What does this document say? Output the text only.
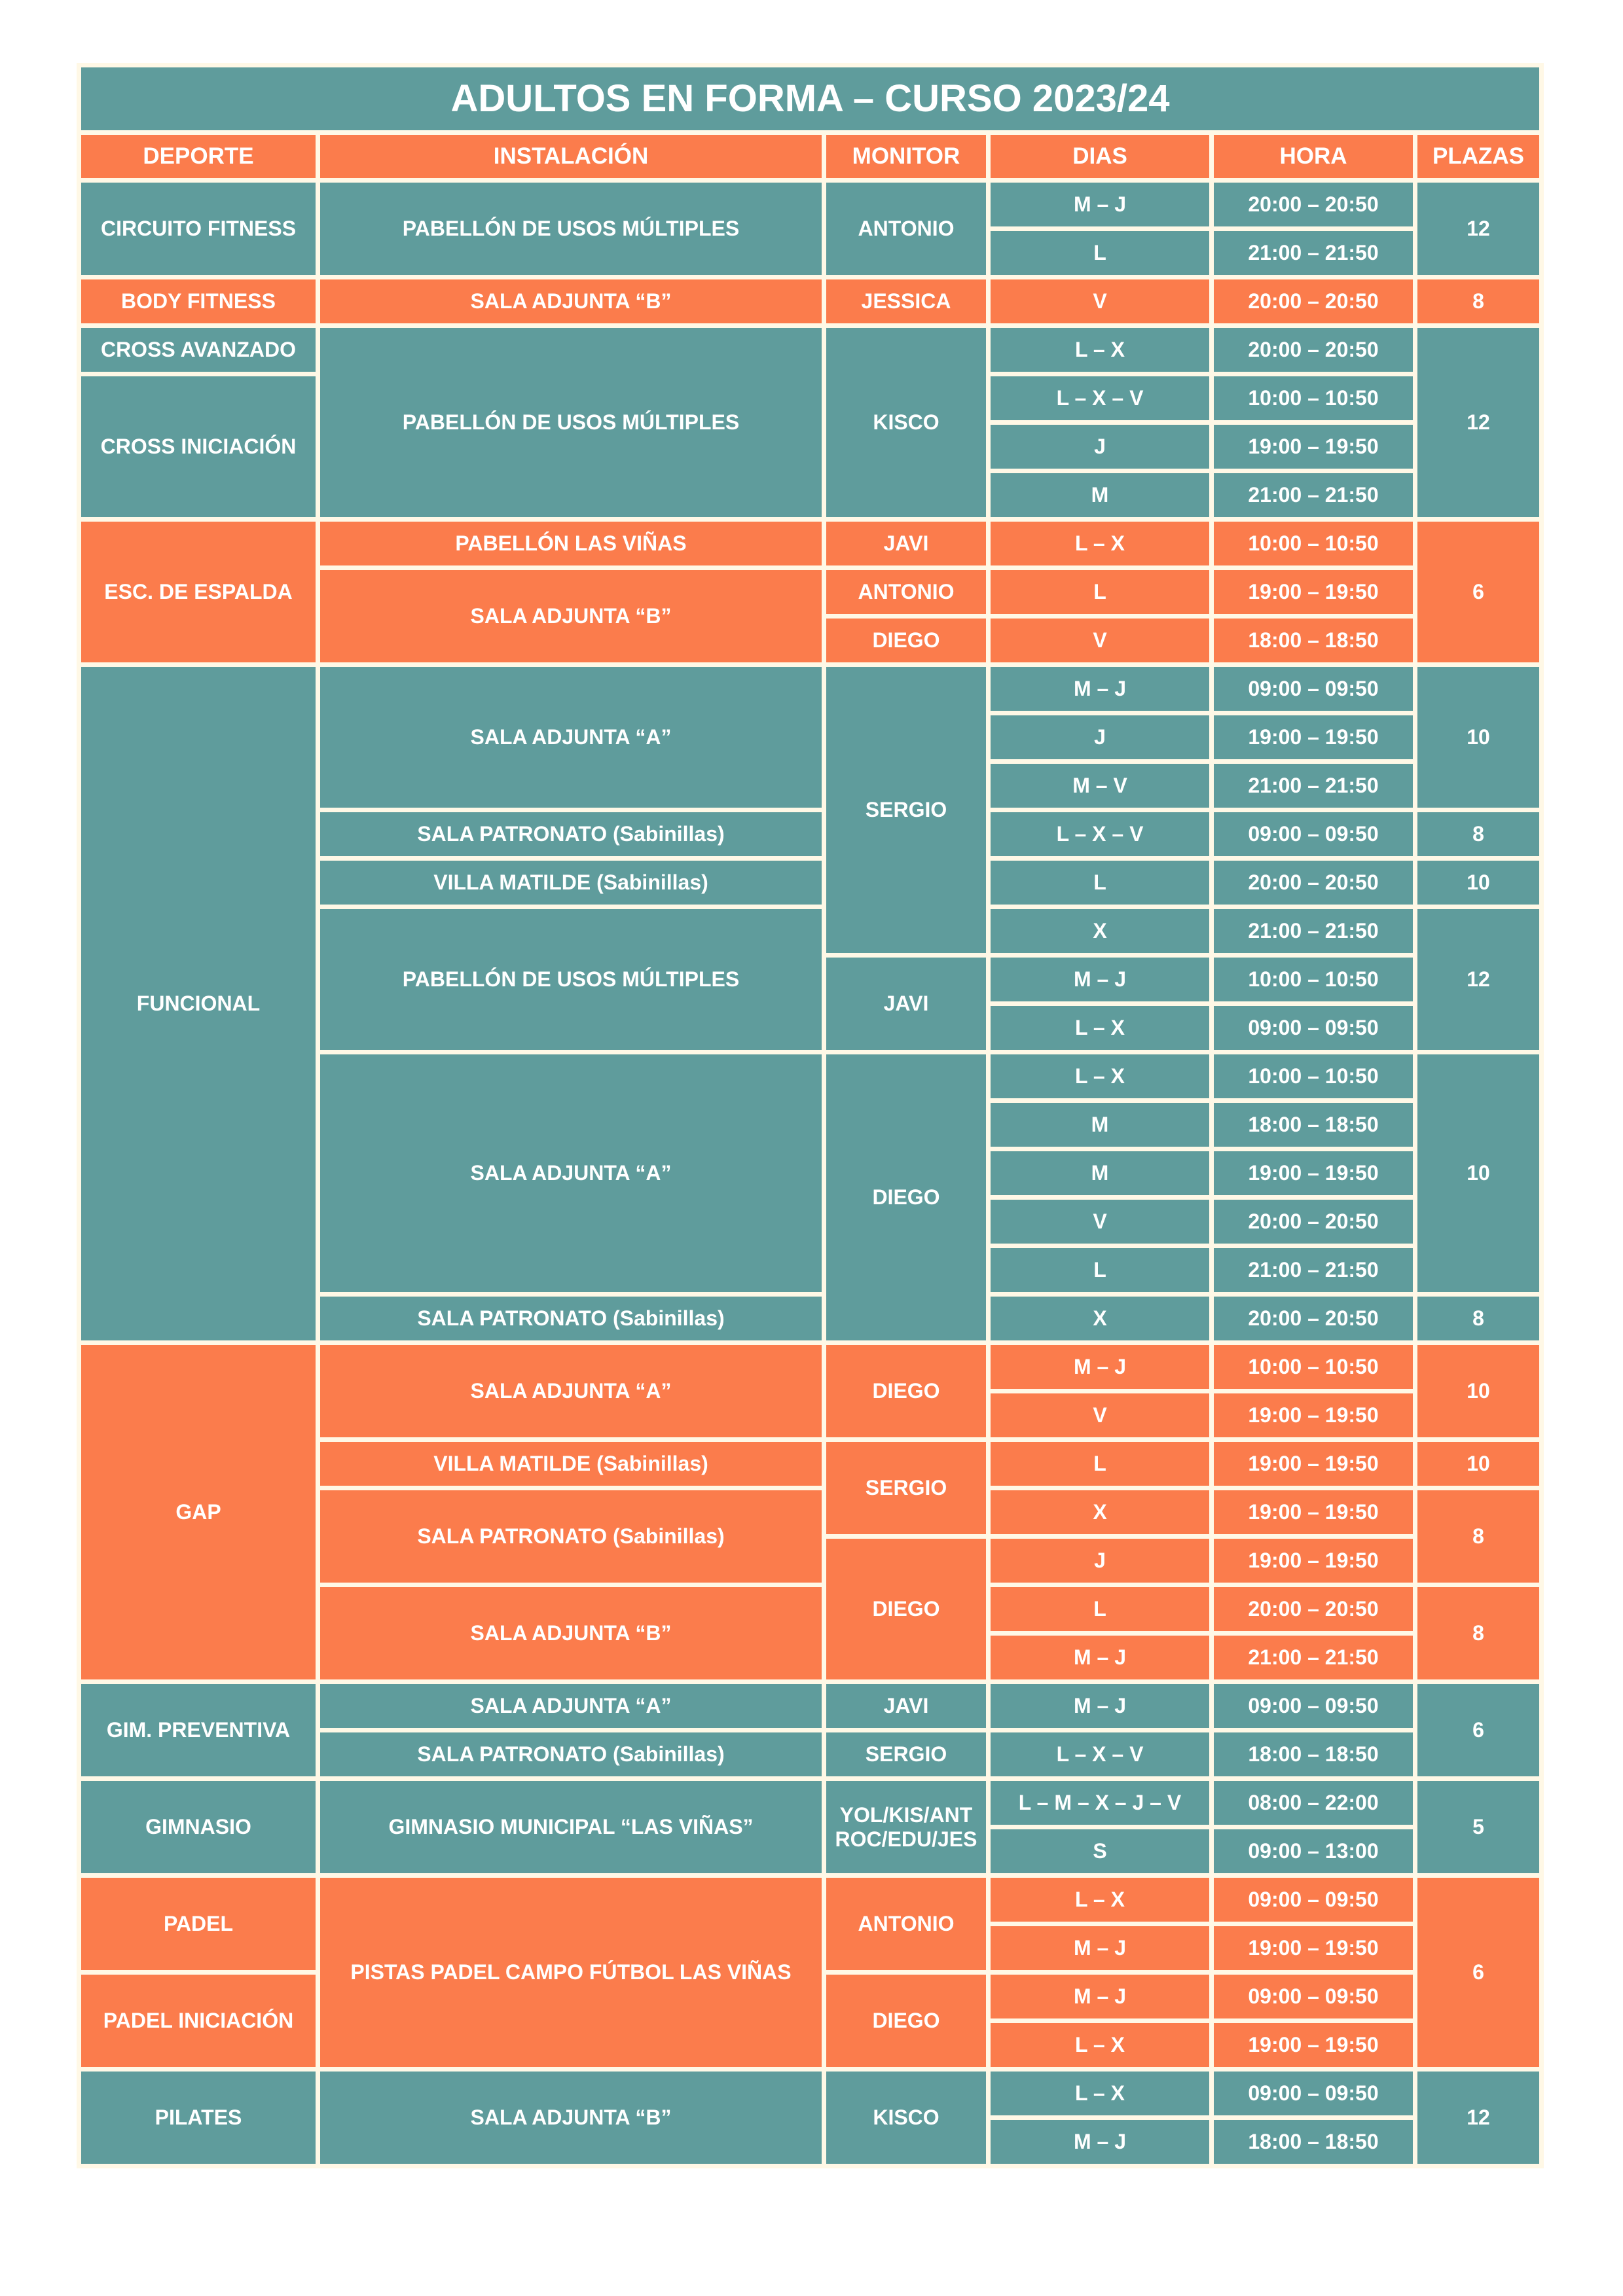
ADULTOS EN FORMA – CURSO 2023/24					
DEPORTE	INSTALACIÓN	MONITOR	DIAS	HORA	PLAZAS
CIRCUITO FITNESS	PABELLÓN DE USOS MÚLTIPLES	ANTONIO	M – J	20:00 – 20:50	12
			L	21:00 – 21:50	
BODY FITNESS	SALA ADJUNTA “B”	JESSICA	V	20:00 – 20:50	8
CROSS AVANZADO	PABELLÓN DE USOS MÚLTIPLES	KISCO	L – X	20:00 – 20:50	12
CROSS INICIACIÓN			L – X – V	10:00 – 10:50	
			J	19:00 – 19:50	
			M	21:00 – 21:50	
ESC. DE ESPALDA	PABELLÓN LAS VIÑAS	JAVI	L – X	10:00 – 10:50	6
	SALA ADJUNTA “B”	ANTONIO	L	19:00 – 19:50	
		DIEGO	V	18:00 – 18:50	
FUNCIONAL	SALA ADJUNTA “A”	SERGIO	M – J	09:00 – 09:50	10
			J	19:00 – 19:50	
			M – V	21:00 – 21:50	
	SALA PATRONATO (Sabinillas)		L – X – V	09:00 – 09:50	8
	VILLA MATILDE (Sabinillas)		L	20:00 – 20:50	10
	PABELLÓN DE USOS MÚLTIPLES		X	21:00 – 21:50	12
		JAVI	M – J	10:00 – 10:50	
			L – X	09:00 – 09:50	
	SALA ADJUNTA “A”	DIEGO	L – X	10:00 – 10:50	10
			M	18:00 – 18:50	
			M	19:00 – 19:50	
			V	20:00 – 20:50	
			L	21:00 – 21:50	
	SALA PATRONATO (Sabinillas)		X	20:00 – 20:50	8
GAP	SALA ADJUNTA “A”	DIEGO	M – J	10:00 – 10:50	10
			V	19:00 – 19:50	
	VILLA MATILDE (Sabinillas)	SERGIO	L	19:00 – 19:50	10
	SALA PATRONATO (Sabinillas)		X	19:00 – 19:50	8
		DIEGO	J	19:00 – 19:50	
	SALA ADJUNTA “B”		L	20:00 – 20:50	8
			M – J	21:00 – 21:50	
GIM. PREVENTIVA	SALA ADJUNTA “A”	JAVI	M – J	09:00 – 09:50	6
	SALA PATRONATO (Sabinillas)	SERGIO	L – X – V	18:00 – 18:50	
GIMNASIO	GIMNASIO MUNICIPAL “LAS VIÑAS”	YOL/KIS/ANT ROC/EDU/JES	L – M – X – J – V	08:00 – 22:00	5
			S	09:00 – 13:00	
PADEL	PISTAS PADEL CAMPO FÚTBOL LAS VIÑAS	ANTONIO	L – X	09:00 – 09:50	6
			M – J	19:00 – 19:50	
PADEL INICIACIÓN		DIEGO	M – J	09:00 – 09:50	
			L – X	19:00 – 19:50	
PILATES	SALA ADJUNTA “B”	KISCO	L – X	09:00 – 09:50	12
			M – J	18:00 – 18:50	
